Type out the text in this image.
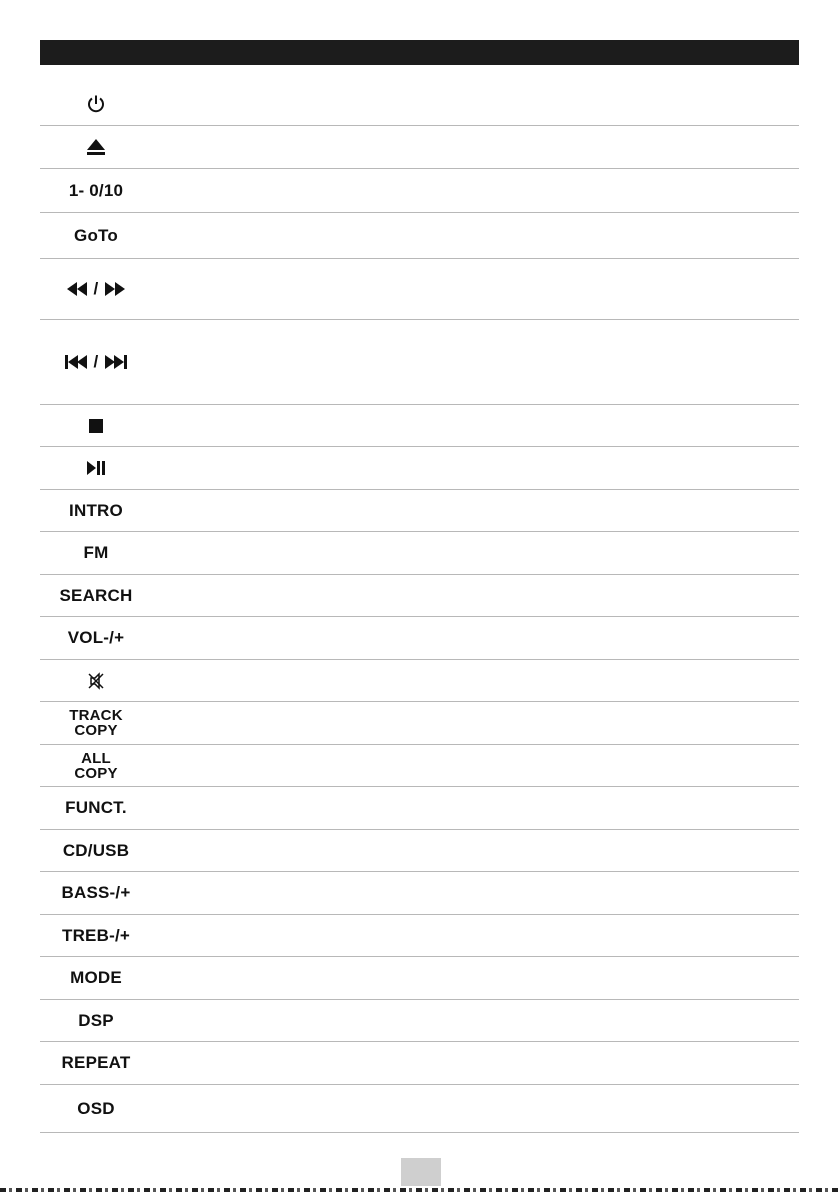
1- 0/10
GoTo
/
/
INTRO
FM
SEARCH
VOL-/+
TRACK
COPY
ALL
COPY
FUNCT.
CD/USB
BASS-/+
TREB-/+
MODE
DSP
REPEAT
OSD
